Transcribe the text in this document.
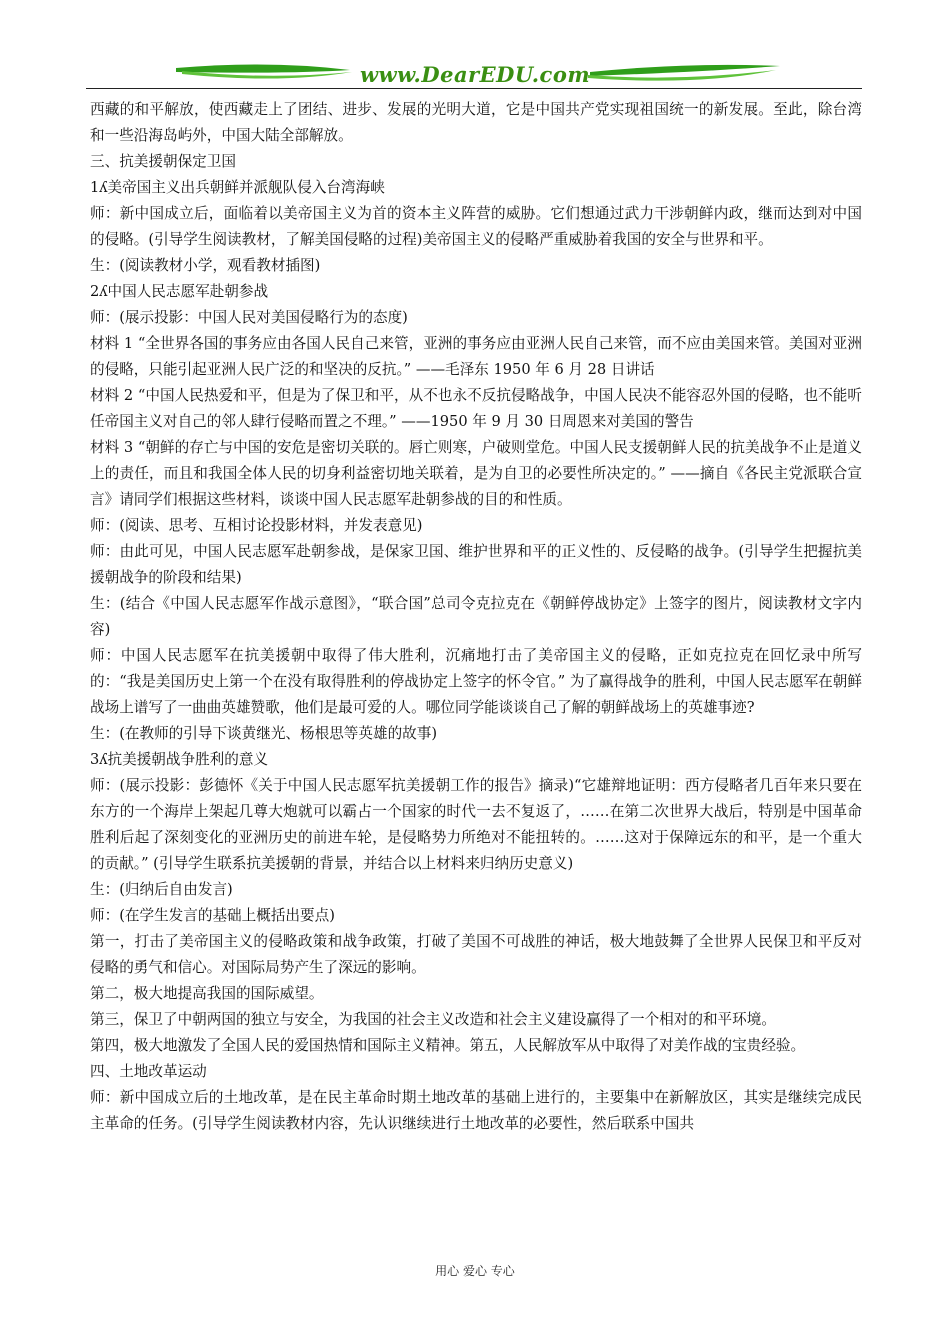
www.DearEDU.com

西藏的和平解放，使西藏走上了团结、进步、发展的光明大道，它是中国共产党实现祖国统一的新发展。至此，除台湾和一些沿海岛屿外，中国大陆全部解放。

三、抗美援朝保定卫国

1ʎ美帝国主义出兵朝鲜并派舰队侵入台湾海峡

师：新中国成立后，面临着以美帝国主义为首的资本主义阵营的威胁。它们想通过武力干涉朝鲜内政，继而达到对中国的侵略。(引导学生阅读教材，了解美国侵略的过程)美帝国主义的侵略严重威胁着我国的安全与世界和平。

生：(阅读教材小学，观看教材插图)

2ʎ中国人民志愿军赴朝参战

师：(展示投影：中国人民对美国侵略行为的态度)

材料 1 “全世界各国的事务应由各国人民自己来管，亚洲的事务应由亚洲人民自己来管，而不应由美国来管。美国对亚洲的侵略，只能引起亚洲人民广泛的和坚决的反抗。” ——毛泽东 1950 年 6 月 28 日讲话

材料 2 “中国人民热爱和平，但是为了保卫和平，从不也永不反抗侵略战争，中国人民决不能容忍外国的侵略，也不能听任帝国主义对自己的邻人肆行侵略而置之不理。” ——1950 年 9 月 30 日周恩来对美国的警告

材料 3 “朝鲜的存亡与中国的安危是密切关联的。唇亡则寒，户破则堂危。中国人民支援朝鲜人民的抗美战争不止是道义上的责任，而且和我国全体人民的切身利益密切地关联着，是为自卫的必要性所决定的。” ——摘自《各民主党派联合宣言》请同学们根据这些材料，谈谈中国人民志愿军赴朝参战的目的和性质。

师：(阅读、思考、互相讨论投影材料，并发表意见)

师：由此可见，中国人民志愿军赴朝参战，是保家卫国、维护世界和平的正义性的、反侵略的战争。(引导学生把握抗美援朝战争的阶段和结果)

生：(结合《中国人民志愿军作战示意图》，“联合国”总司令克拉克在《朝鲜停战协定》上签字的图片，阅读教材文字内容)

师：中国人民志愿军在抗美援朝中取得了伟大胜利，沉痛地打击了美帝国主义的侵略，正如克拉克在回忆录中所写的：“我是美国历史上第一个在没有取得胜利的停战协定上签字的怀令官。” 为了赢得战争的胜利，中国人民志愿军在朝鲜战场上谱写了一曲曲英雄赞歌，他们是最可爱的人。哪位同学能谈谈自己了解的朝鲜战场上的英雄事迹?

生：(在教师的引导下谈黄继光、杨根思等英雄的故事)

3ʎ抗美援朝战争胜利的意义

师：(展示投影：彭德怀《关于中国人民志愿军抗美援朝工作的报告》摘录)“它雄辩地证明：西方侵略者几百年来只要在东方的一个海岸上架起几尊大炮就可以霸占一个国家的时代一去不复返了，……在第二次世界大战后，特别是中国革命胜利后起了深刻变化的亚洲历史的前进车轮，是侵略势力所绝对不能扭转的。……这对于保障远东的和平，是一个重大的贡献。” (引导学生联系抗美援朝的背景，并结合以上材料来归纳历史意义)

生：(归纳后自由发言)

师：(在学生发言的基础上概括出要点)

第一，打击了美帝国主义的侵略政策和战争政策，打破了美国不可战胜的神话，极大地鼓舞了全世界人民保卫和平反对侵略的勇气和信心。对国际局势产生了深远的影响。

第二，极大地提高我国的国际威望。

第三，保卫了中朝两国的独立与安全，为我国的社会主义改造和社会主义建设赢得了一个相对的和平环境。

第四，极大地激发了全国人民的爱国热情和国际主义精神。第五，人民解放军从中取得了对美作战的宝贵经验。

四、土地改革运动

师：新中国成立后的土地改革，是在民主革命时期土地改革的基础上进行的，主要集中在新解放区，其实是继续完成民主革命的任务。(引导学生阅读教材内容，先认识继续进行土地改革的必要性，然后联系中国共

用心 爱心 专心
